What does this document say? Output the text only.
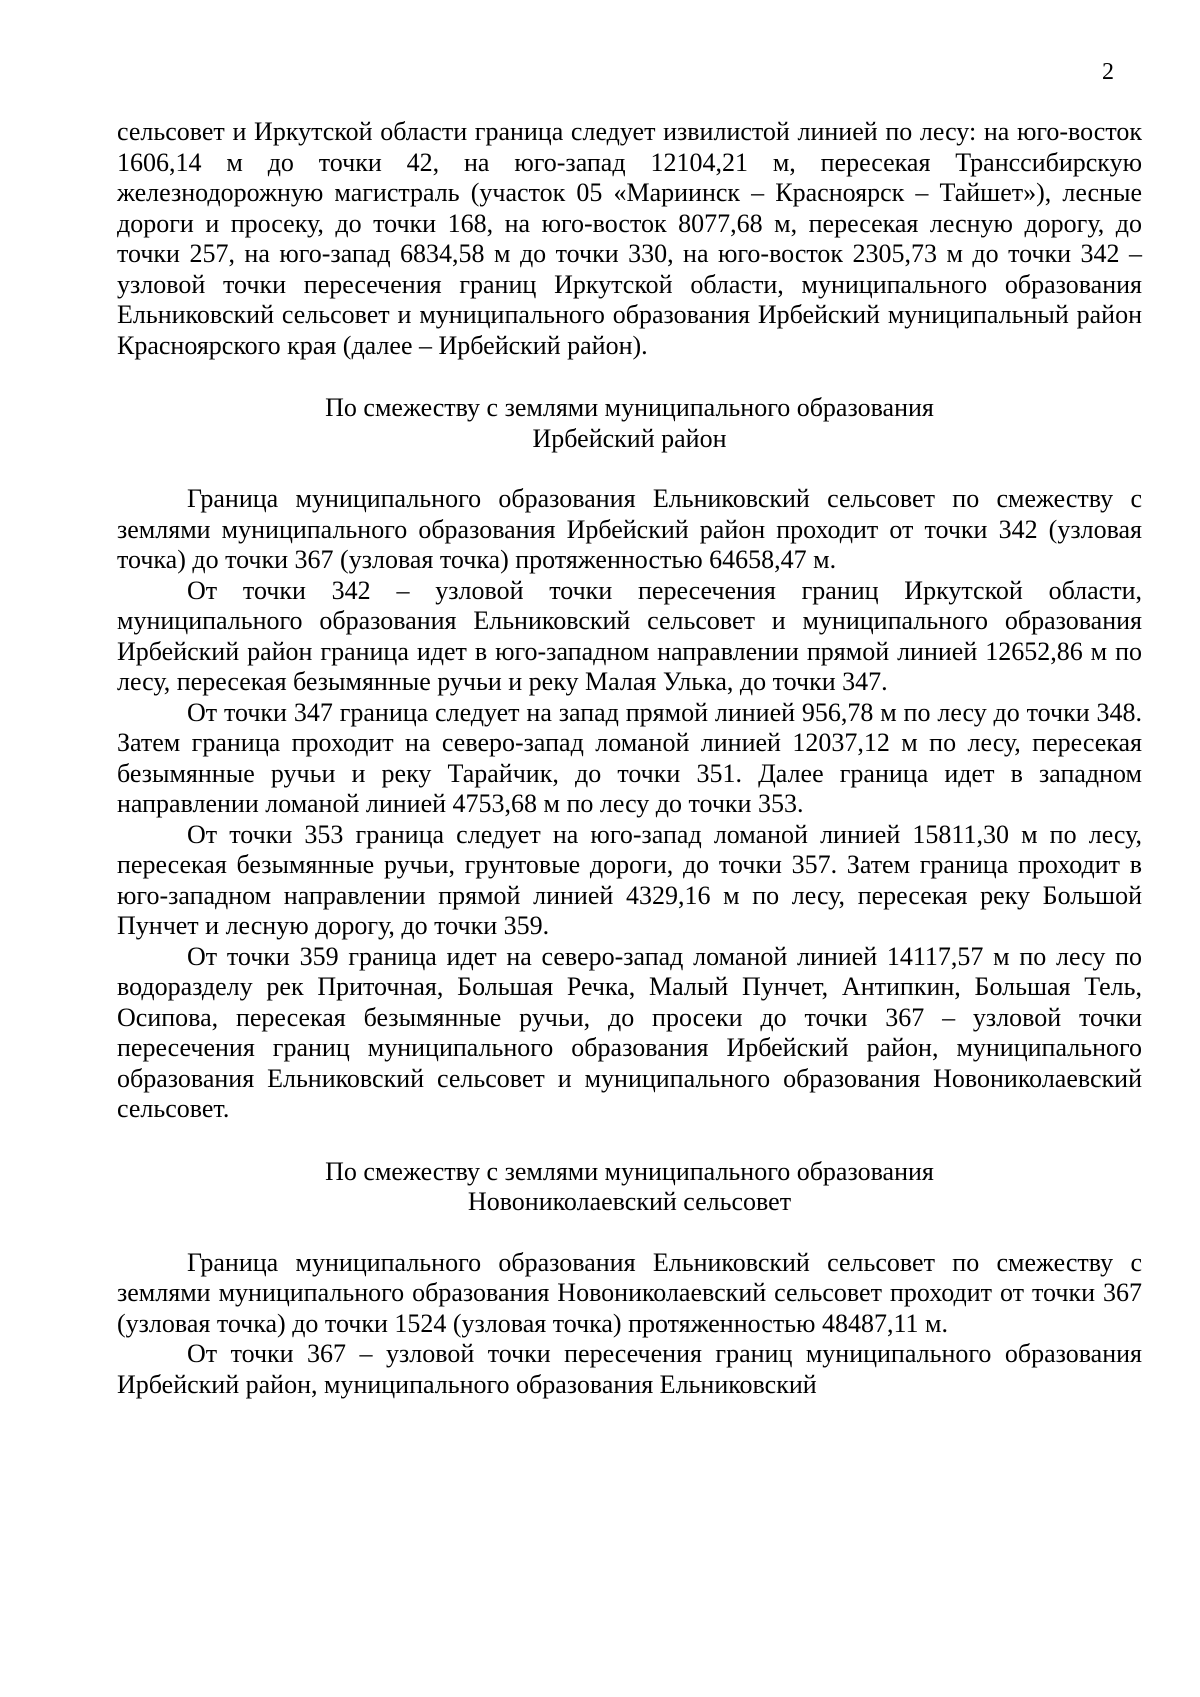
2

сельсовет и Иркутской области граница следует извилистой линией по лесу: на юго-восток 1606,14 м до точки 42, на юго-запад 12104,21 м, пересекая Транссибирскую железнодорожную магистраль (участок 05 «Мариинск – Красноярск – Тайшет»), лесные дороги и просеку, до точки 168, на юго-восток 8077,68 м, пересекая лесную дорогу, до точки 257, на юго-запад 6834,58 м до точки 330, на юго-восток 2305,73 м до точки 342 – узловой точки пересечения границ Иркутской области, муниципального образования Ельниковский сельсовет и муниципального образования Ирбейский муниципальный район Красноярского края (далее – Ирбейский район).

По смежеству с землями муниципального образования
Ирбейский район

Граница муниципального образования Ельниковский сельсовет по смежеству с землями муниципального образования Ирбейский район проходит от точки 342 (узловая точка) до точки 367 (узловая точка) протяженностью 64658,47 м.

От точки 342 – узловой точки пересечения границ Иркутской области, муниципального образования Ельниковский сельсовет и муниципального образования Ирбейский район граница идет в юго-западном направлении прямой линией 12652,86 м по лесу, пересекая безымянные ручьи и реку Малая Улька, до точки 347.

От точки 347 граница следует на запад прямой линией 956,78 м по лесу до точки 348. Затем граница проходит на северо-запад ломаной линией 12037,12 м по лесу, пересекая безымянные ручьи и реку Тарайчик, до точки 351. Далее граница идет в западном направлении ломаной линией 4753,68 м по лесу до точки 353.

От точки 353 граница следует на юго-запад ломаной линией 15811,30 м по лесу, пересекая безымянные ручьи, грунтовые дороги, до точки 357. Затем граница проходит в юго-западном направлении прямой линией 4329,16 м по лесу, пересекая реку Большой Пунчет и лесную дорогу, до точки 359.

От точки 359 граница идет на северо-запад ломаной линией 14117,57 м по лесу по водоразделу рек Приточная, Большая Речка, Малый Пунчет, Антипкин, Большая Тель, Осипова, пересекая безымянные ручьи, до просеки до точки 367 – узловой точки пересечения границ муниципального образования Ирбейский район, муниципального образования Ельниковский сельсовет и муниципального образования Новониколаевский сельсовет.

По смежеству с землями муниципального образования
Новониколаевский сельсовет

Граница муниципального образования Ельниковский сельсовет по смежеству с землями муниципального образования Новониколаевский сельсовет проходит от точки 367 (узловая точка) до точки 1524 (узловая точка) протяженностью 48487,11 м.

От точки 367 – узловой точки пересечения границ муниципального образования Ирбейский район, муниципального образования Ельниковский
